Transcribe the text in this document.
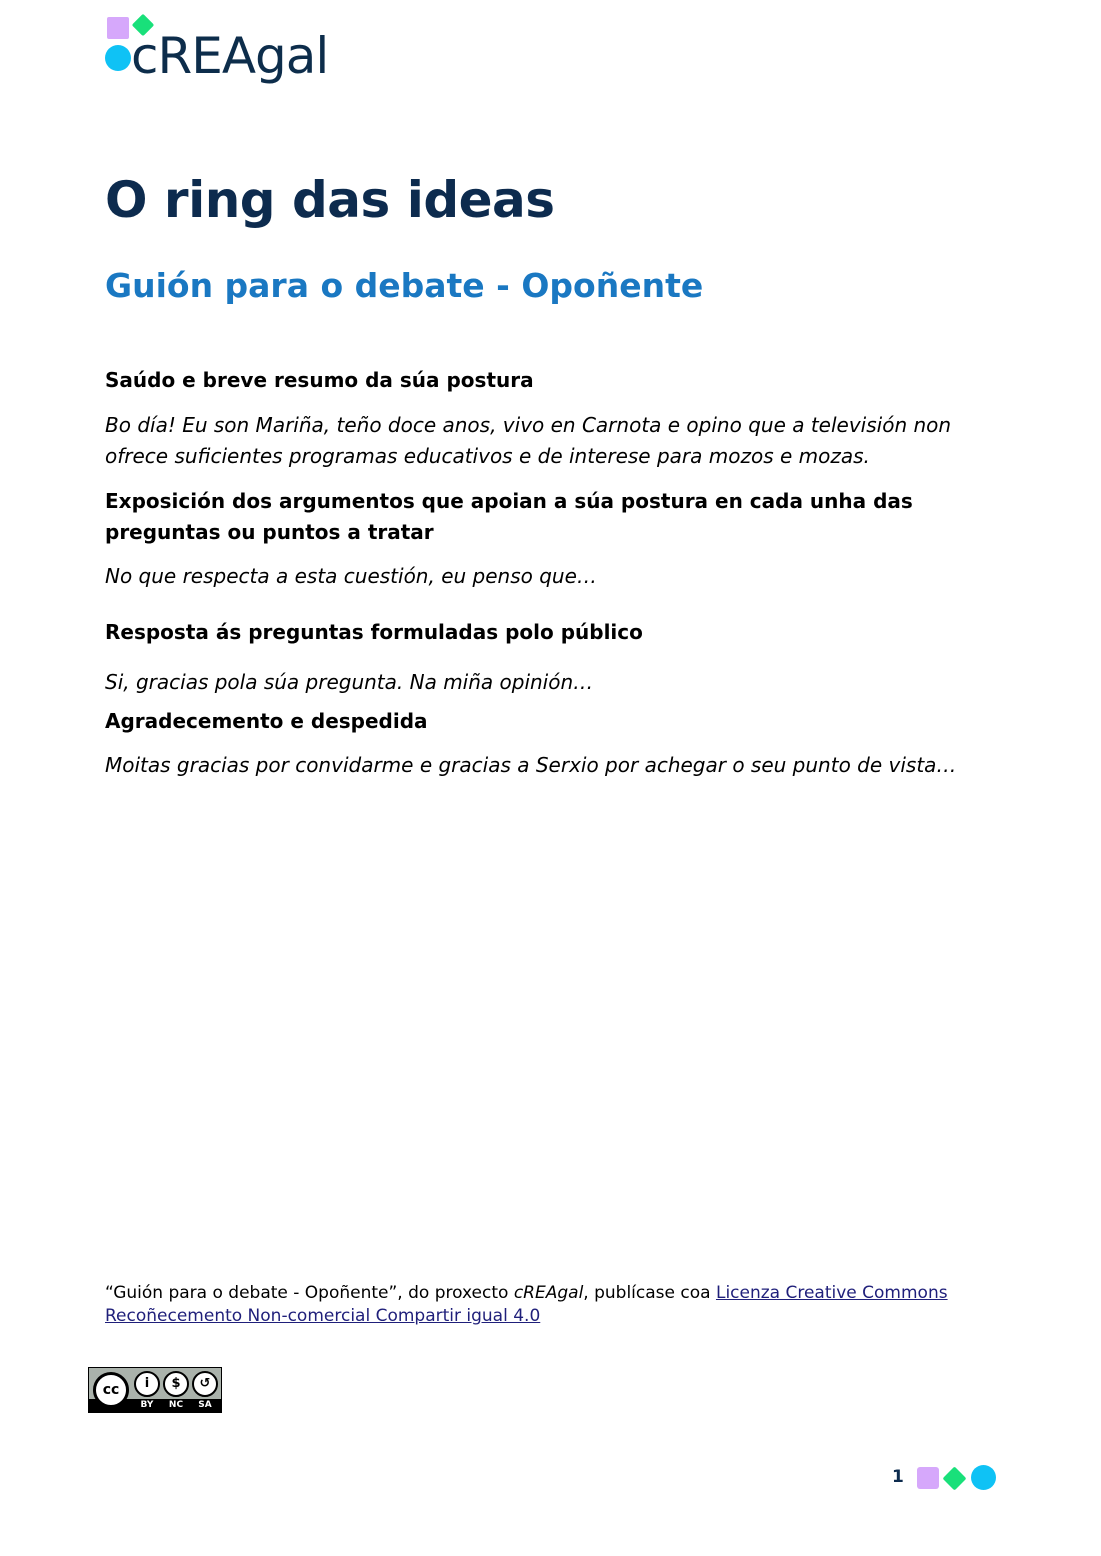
cREAgal
O ring das ideas
Guión para o debate - Opoñente

Saúdo e breve resumo da súa postura

Bo día! Eu son Mariña, teño doce anos, vivo en Carnota e opino que a televisión non ofrece suficientes programas educativos e de interese para mozos e mozas.

Exposición dos argumentos que apoian a súa postura en cada unha das preguntas ou puntos a tratar

No que respecta a esta cuestión, eu penso que…

Resposta ás preguntas formuladas polo público

Si, gracias pola súa pregunta. Na miña opinión…

Agradecemento e despedida

Moitas gracias por convidarme e gracias a Serxio por achegar o seu punto de vista…

“Guión para o debate - Opoñente”, do proxecto cREAgal, publícase coa Licenza Creative Commons Recoñecemento Non-comercial Compartir igual 4.0
cc	i	$	↺
BY	NC	SA
1
